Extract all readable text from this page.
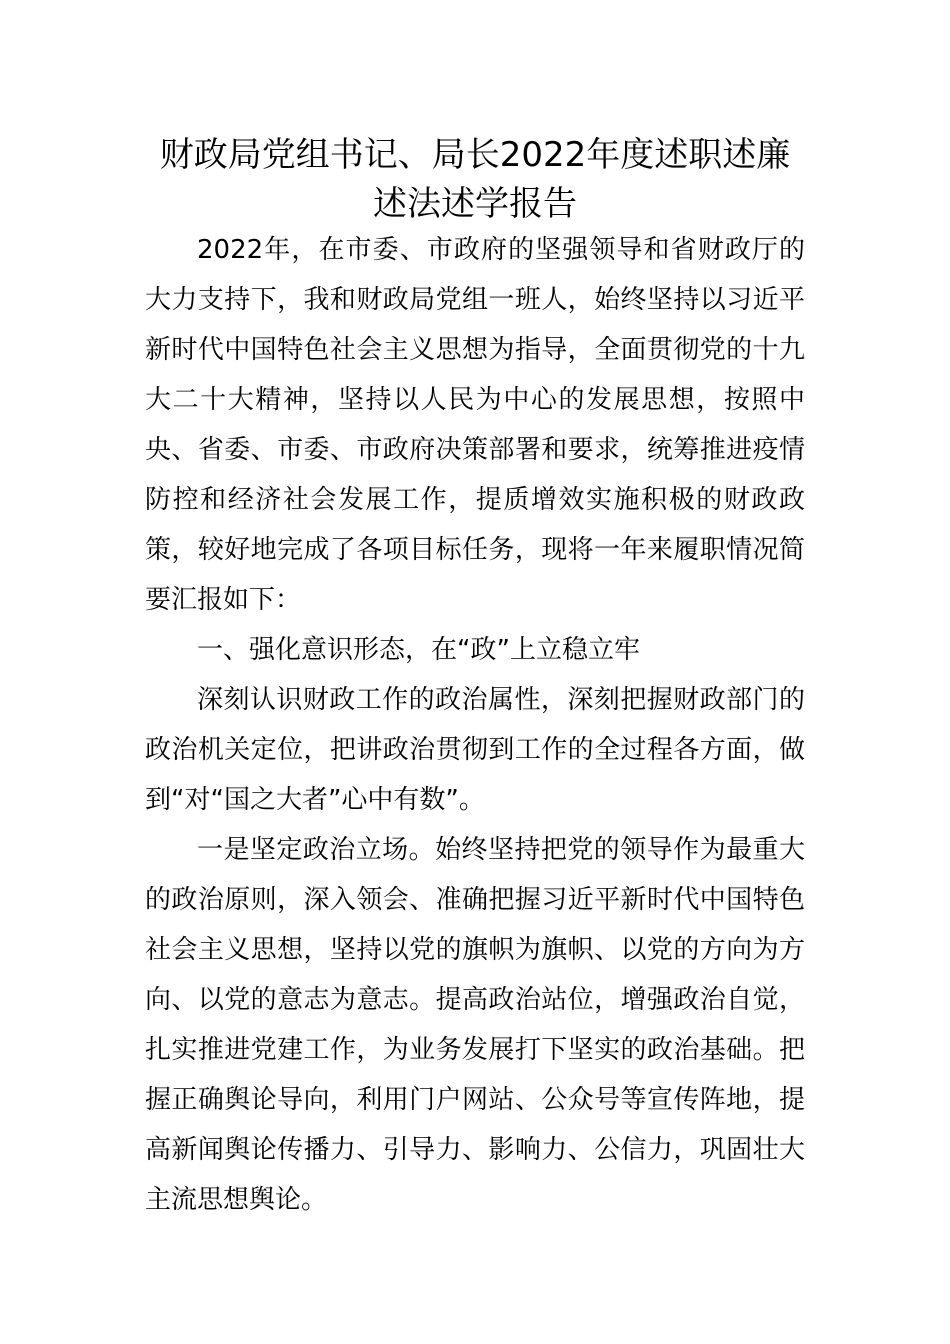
财政局党组书记、局长2022年度述职述廉
述法述学报告

2022年，在市委、市政府的坚强领导和省财政厅的大力支持下，我和财政局党组一班人，始终坚持以习近平新时代中国特色社会主义思想为指导，全面贯彻党的十九大二十大精神，坚持以人民为中心的发展思想，按照中央、省委、市委、市政府决策部署和要求，统筹推进疫情防控和经济社会发展工作，提质增效实施积极的财政政策，较好地完成了各项目标任务，现将一年来履职情况简要汇报如下：

一、强化意识形态，在“政”上立稳立牢

深刻认识财政工作的政治属性，深刻把握财政部门的政治机关定位，把讲政治贯彻到工作的全过程各方面，做到“对“国之大者”心中有数”。

一是坚定政治立场。始终坚持把党的领导作为最重大的政治原则，深入领会、准确把握习近平新时代中国特色社会主义思想，坚持以党的旗帜为旗帜、以党的方向为方向、以党的意志为意志。提高政治站位，增强政治自觉，扎实推进党建工作，为业务发展打下坚实的政治基础。把握正确舆论导向，利用门户网站、公众号等宣传阵地，提高新闻舆论传播力、引导力、影响力、公信力，巩固壮大主流思想舆论。
